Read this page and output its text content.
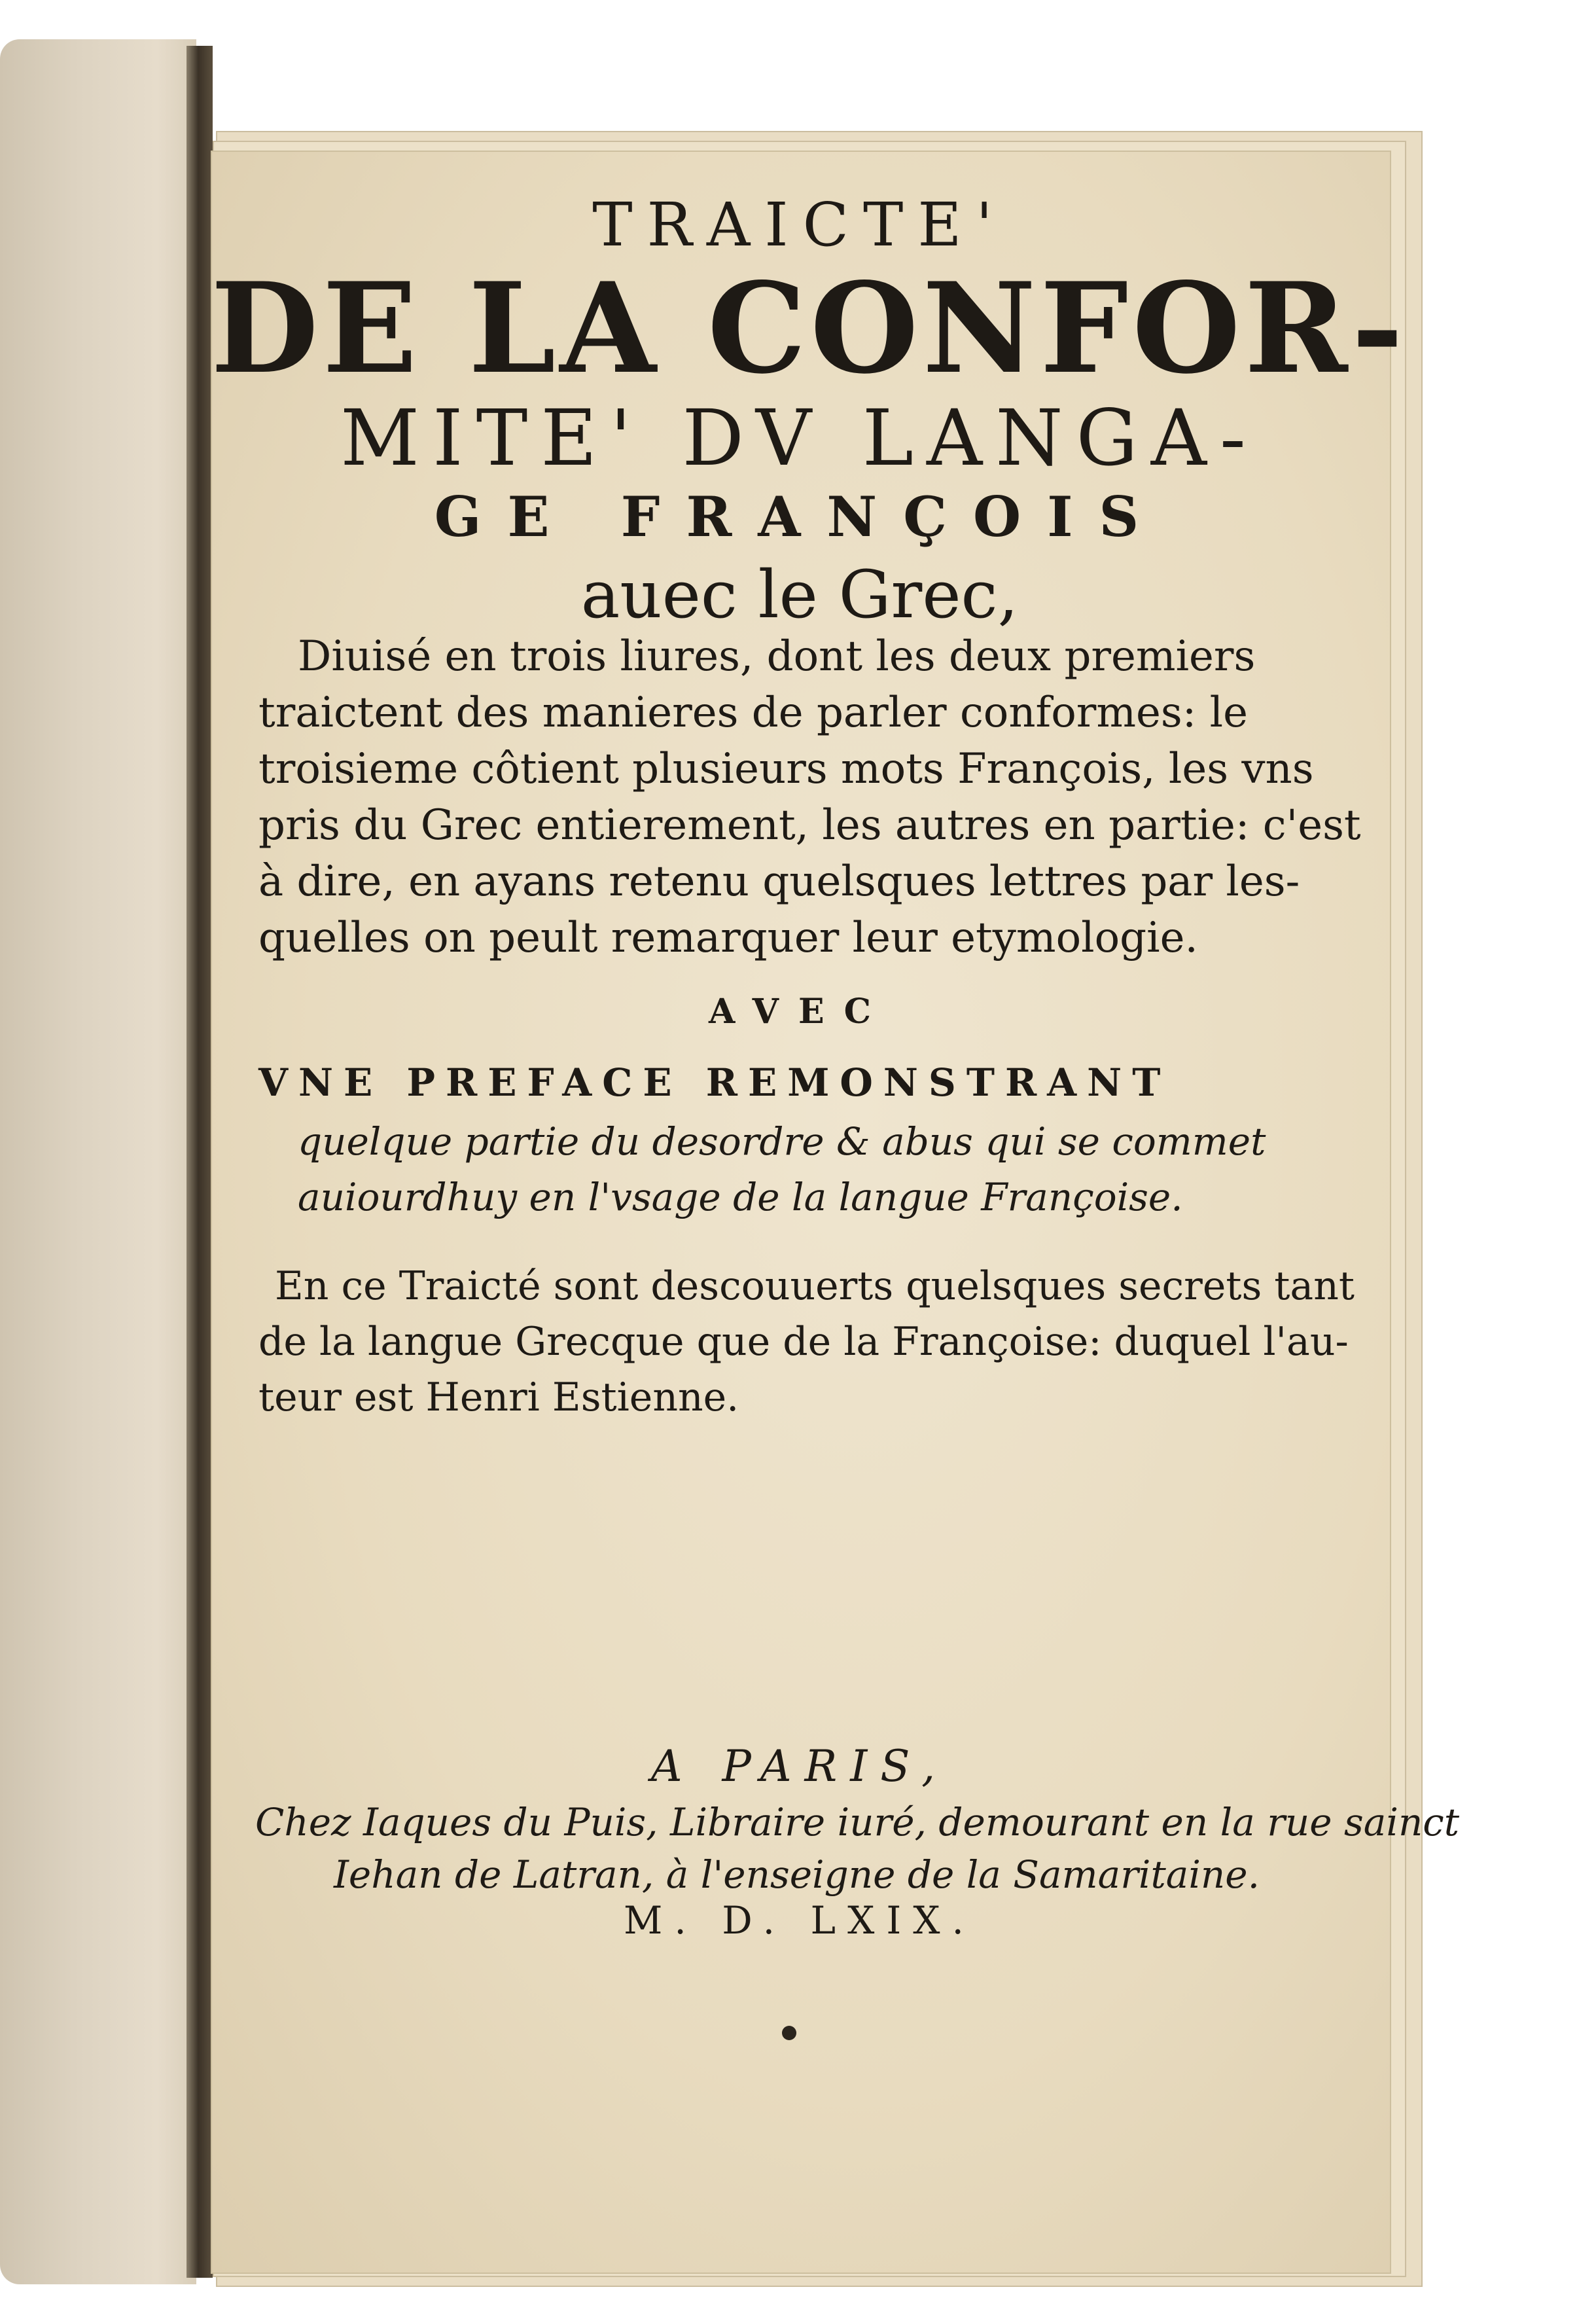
TRAICTE'
DE LA CONFOR-
MITE' DV LANGA-
GE FRANÇOIS
auec le Grec,
Diuisé en trois liures, dont les deux premiers
traictent des manieres de parler conformes: le
troisieme côtient plusieurs mots François, les vns
pris du Grec entierement, les autres en partie: c'est
à dire, en ayans retenu quelsques lettres par les-
quelles on peult remarquer leur etymologie.
AVEC
VNE PREFACE REMONSTRANT
quelque partie du desordre & abus qui se commet
auiourdhuy en l'vsage de la langue Françoise.
En ce Traicté sont descouuerts quelsques secrets tant
de la langue Grecque que de la Françoise: duquel l'au-
teur est Henri Estienne.
A PARIS,
Chez Iaques du Puis, Libraire iuré, demourant en la rue sainct
Iehan de Latran, à l'enseigne de la Samaritaine.
M. D. LXIX.
